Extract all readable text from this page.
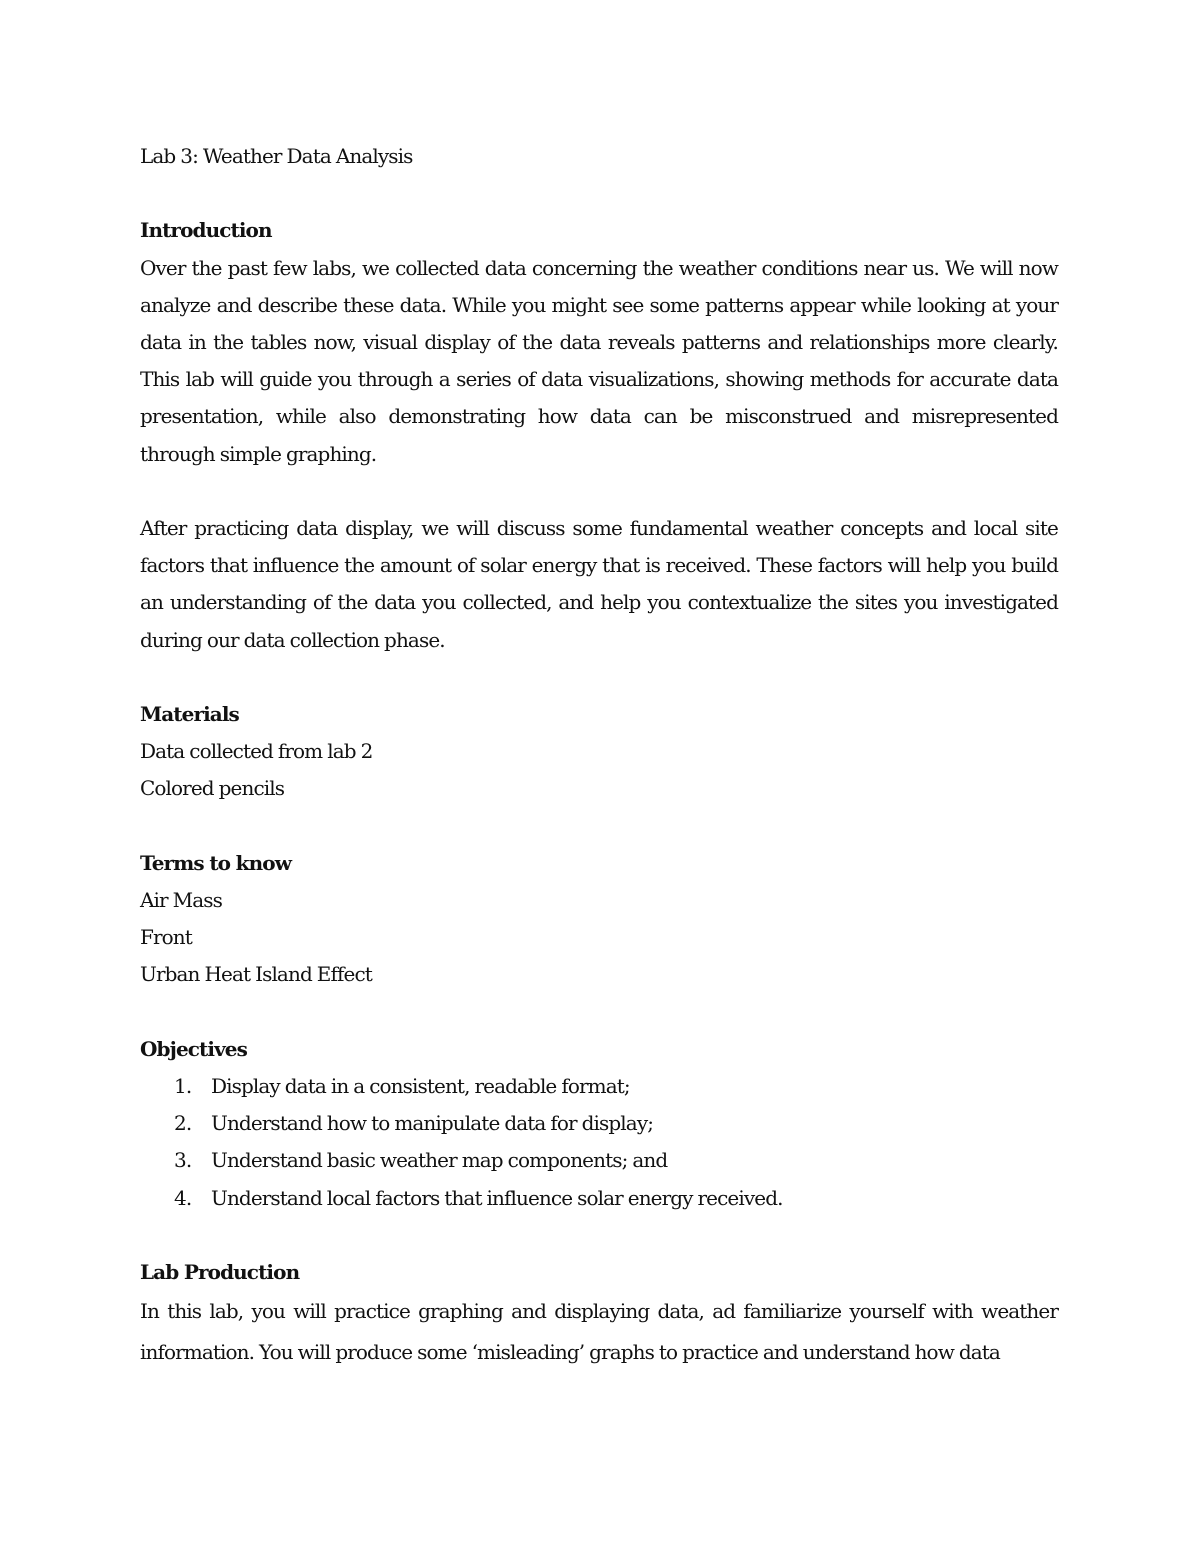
Lab 3: Weather Data Analysis

Introduction

Over the past few labs, we collected data concerning the weather conditions near us. We will now analyze and describe these data. While you might see some patterns appear while looking at your data in the tables now, visual display of the data reveals patterns and relationships more clearly. This lab will guide you through a series of data visualizations, showing methods for accurate data presentation, while also demonstrating how data can be misconstrued and misrepresented through simple graphing.

After practicing data display, we will discuss some fundamental weather concepts and local site factors that influence the amount of solar energy that is received. These factors will help you build an understanding of the data you collected, and help you contextualize the sites you investigated during our data collection phase.

Materials

Data collected from lab 2

Colored pencils

Terms to know

Air Mass

Front

Urban Heat Island Effect

Objectives

1. Display data in a consistent, readable format;
2. Understand how to manipulate data for display;
3. Understand basic weather map components; and
4. Understand local factors that influence solar energy received.

Lab Production

In this lab, you will practice graphing and displaying data, ad familiarize yourself with weather information. You will produce some ‘misleading’ graphs to practice and understand how data
